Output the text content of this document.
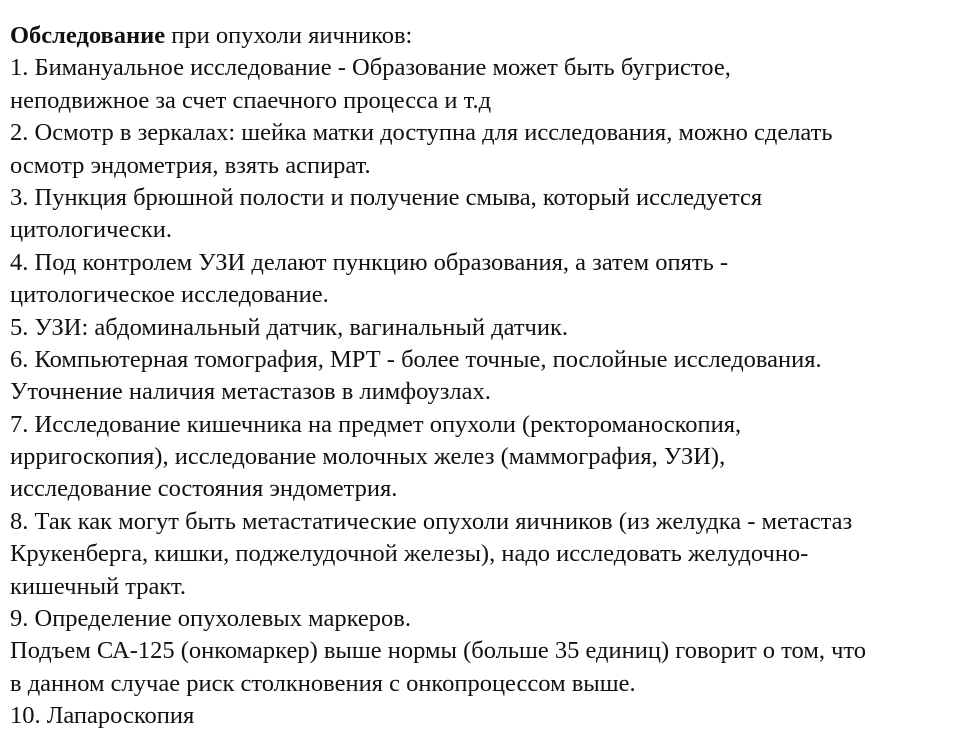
Обследование при опухоли яичников:
1. Бимануальное исследование - Образование может быть бугристое,
неподвижное за счет спаечного процесса и т.д
2. Осмотр в зеркалах: шейка матки доступна для исследования, можно сделать
осмотр эндометрия, взять аспират.
3. Пункция брюшной полости и получение смыва, который исследуется
цитологически.
4. Под контролем УЗИ делают пункцию образования, а затем опять -
цитологическое исследование.
5. УЗИ: абдоминальный датчик, вагинальный датчик.
6. Компьютерная томография, МРТ - более точные, послойные исследования.
Уточнение наличия метастазов в лимфоузлах.
7. Исследование кишечника на предмет опухоли (ректороманоскопия,
ирригоскопия), исследование молочных желез (маммография, УЗИ),
исследование состояния эндометрия.
8. Так как могут быть метастатические опухоли яичников (из желудка - метастаз
Крукенберга, кишки, поджелудочной железы), надо исследовать желудочно-
кишечный тракт.
9. Определение опухолевых маркеров.
Подъем СА-125 (онкомаркер) выше нормы (больше 35 единиц) говорит о том, что
в данном случае риск столкновения с онкопроцессом выше.
10. Лапароскопия
